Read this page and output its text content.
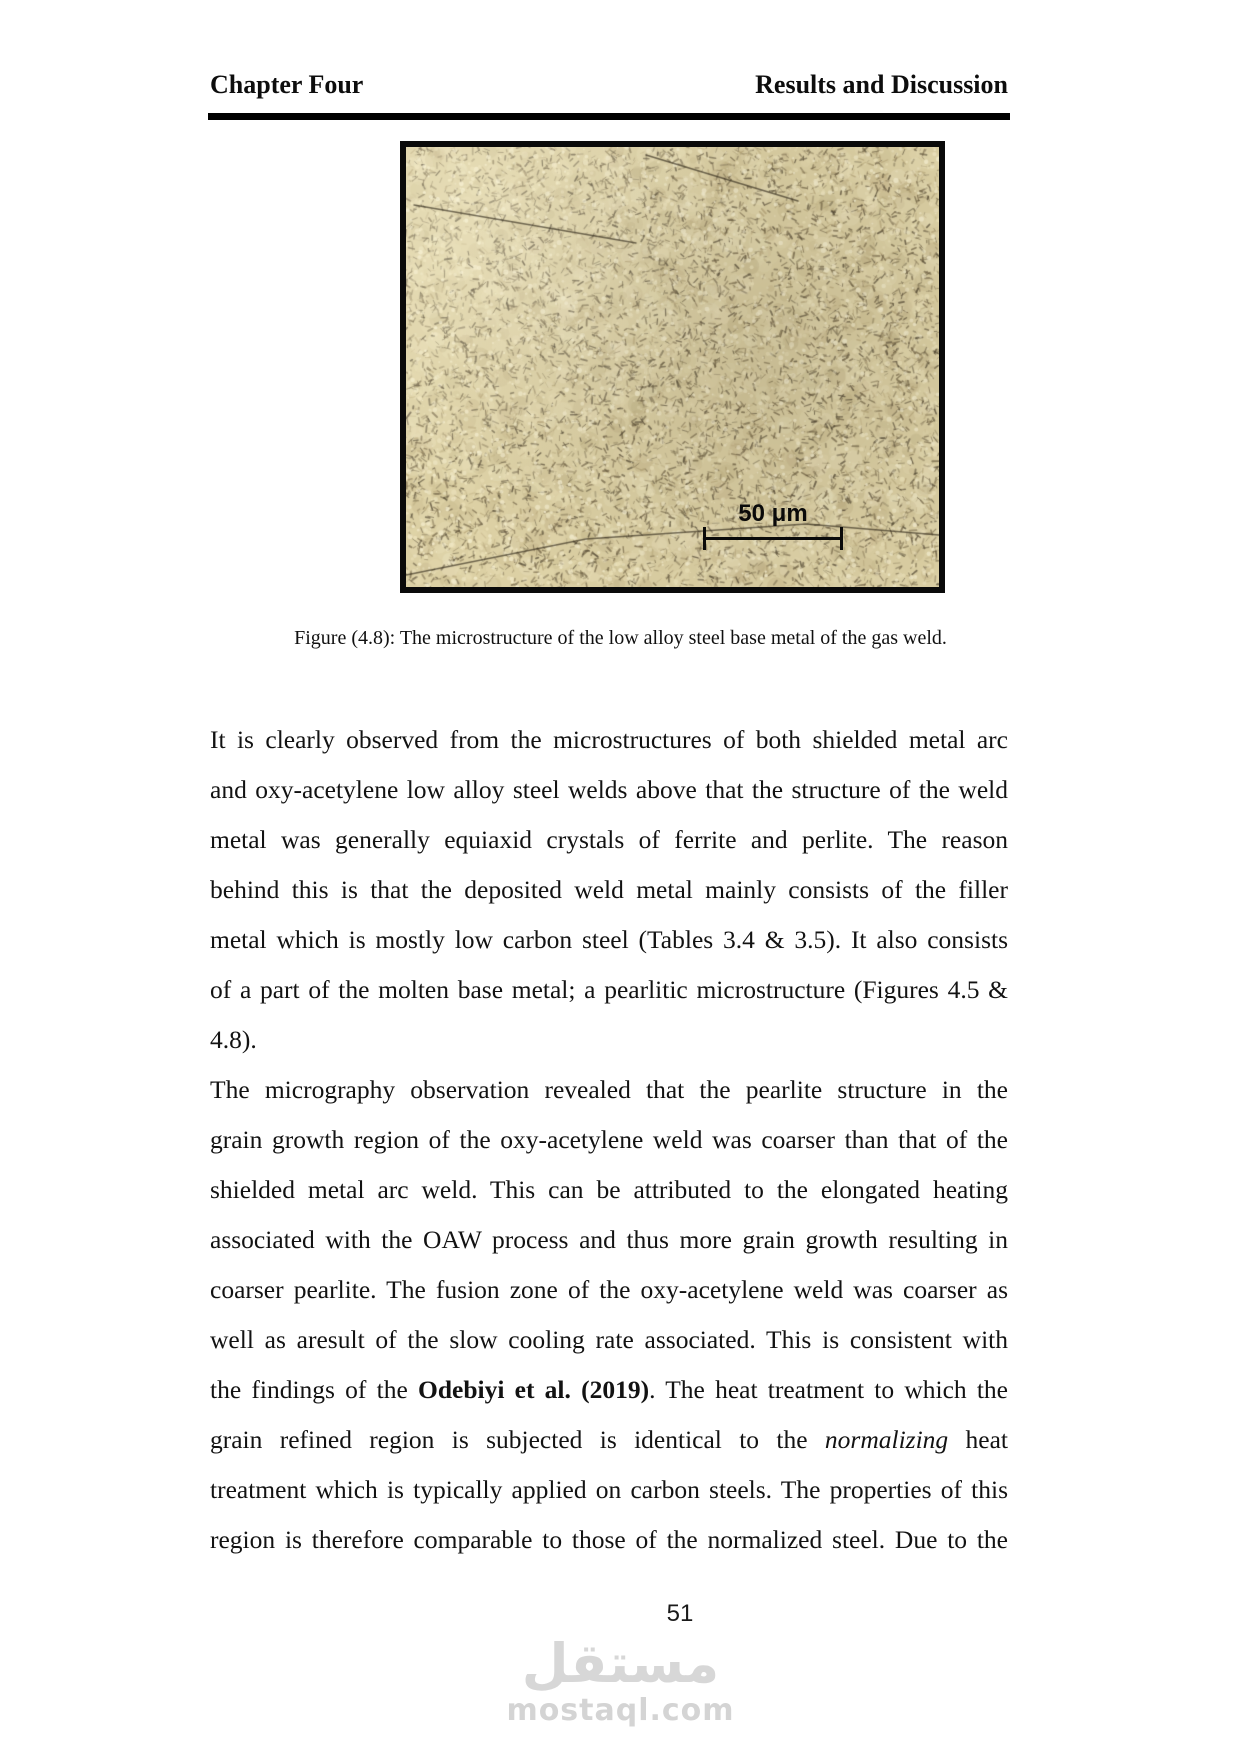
Chapter Four	Results and Discussion
50 μm
Figure (4.8): The microstructure of the low alloy steel base metal of the gas weld.
It is clearly observed from the microstructures of both shielded metal arc
and oxy-acetylene low alloy steel welds above that the structure of the weld
metal was generally equiaxid crystals of ferrite and perlite. The reason
behind this is that the deposited weld metal mainly consists of the filler
metal which is mostly low carbon steel (Tables 3.4 & 3.5). It also consists
of a part of the molten base metal; a pearlitic microstructure (Figures 4.5 &
4.8).
The micrography observation revealed that the pearlite structure in the
grain growth region of the oxy-acetylene weld was coarser than that of the
shielded metal arc weld. This can be attributed to the elongated heating
associated with the OAW process and thus more grain growth resulting in
coarser pearlite. The fusion zone of the oxy-acetylene weld was coarser as
well as aresult of the slow cooling rate associated. This is consistent with
the findings of the Odebiyi et al. (2019). The heat treatment to which the
grain refined region is subjected is identical to the normalizing heat
treatment which is typically applied on carbon steels. The properties of this
region is therefore comparable to those of the normalized steel. Due to the
51
مستقل
mostaql.com
